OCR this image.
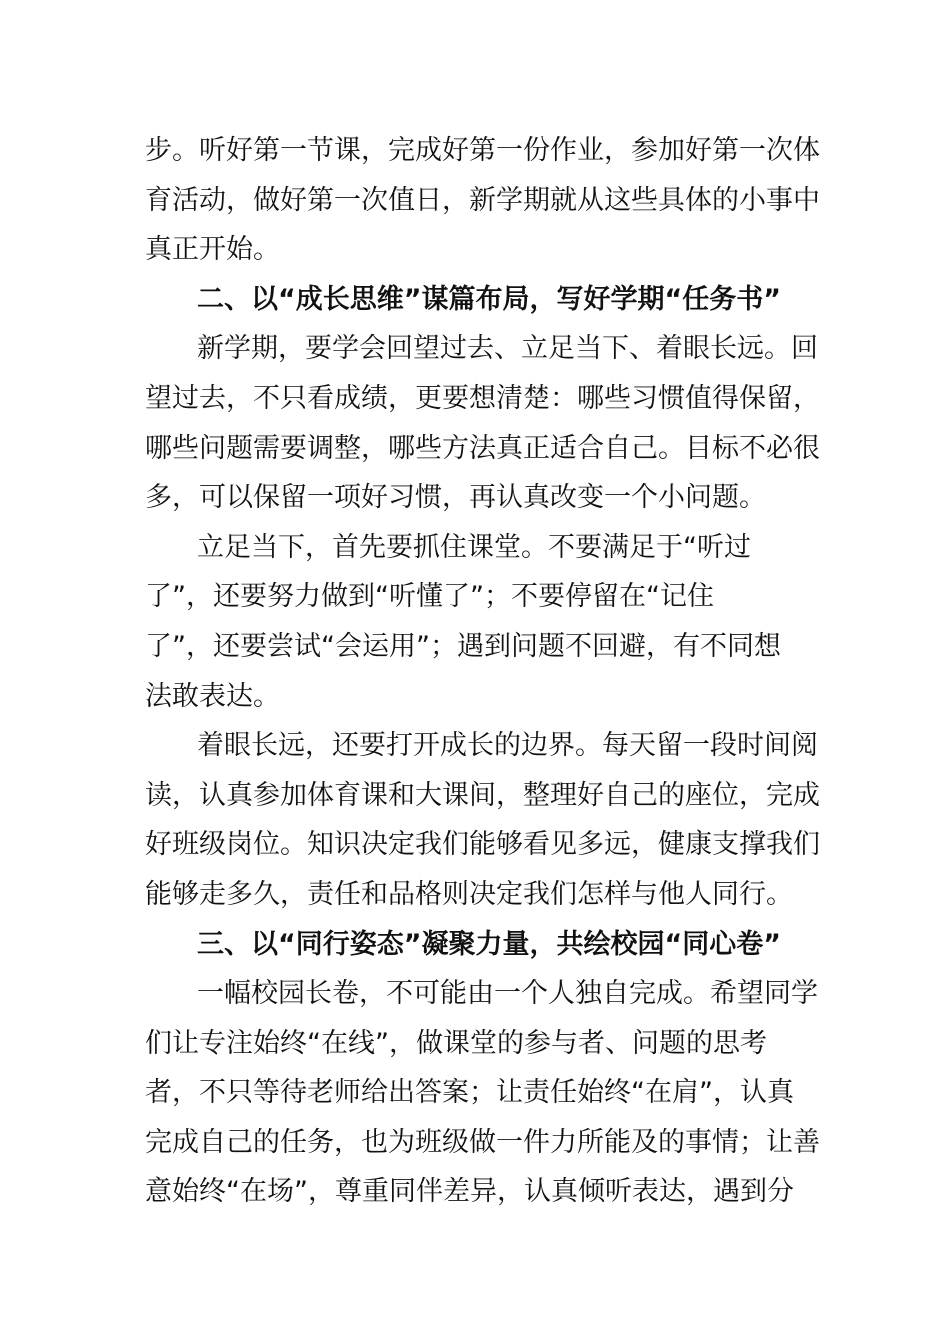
步。听好第一节课，完成好第一份作业，参加好第一次体
育活动，做好第一次值日，新学期就从这些具体的小事中
真正开始。
二、以“成长思维”谋篇布局，写好学期“任务书”
新学期，要学会回望过去、立足当下、着眼长远。回
望过去，不只看成绩，更要想清楚：哪些习惯值得保留，
哪些问题需要调整，哪些方法真正适合自己。目标不必很
多，可以保留一项好习惯，再认真改变一个小问题。
立足当下，首先要抓住课堂。不要满足于“听过
了”，还要努力做到“听懂了”；不要停留在“记住
了”，还要尝试“会运用”；遇到问题不回避，有不同想
法敢表达。
着眼长远，还要打开成长的边界。每天留一段时间阅
读，认真参加体育课和大课间，整理好自己的座位，完成
好班级岗位。知识决定我们能够看见多远，健康支撑我们
能够走多久，责任和品格则决定我们怎样与他人同行。
三、以“同行姿态”凝聚力量，共绘校园“同心卷”
一幅校园长卷，不可能由一个人独自完成。希望同学
们让专注始终“在线”，做课堂的参与者、问题的思考
者，不只等待老师给出答案；让责任始终“在肩”，认真
完成自己的任务，也为班级做一件力所能及的事情；让善
意始终“在场”，尊重同伴差异，认真倾听表达，遇到分
